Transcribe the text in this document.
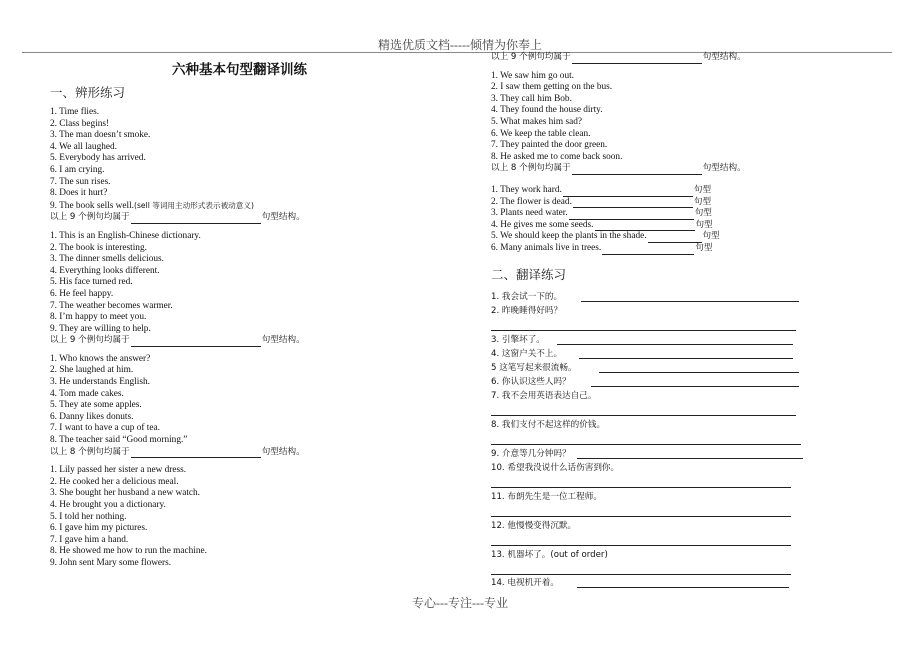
精选优质文档-----倾情为你奉上
六种基本句型翻译训练
一、辨形练习
1. Time flies.
2. Class begins!
3. The man doesn’t smoke.
4. We all laughed.
5. Everybody has arrived.
6. I am crying.
7. The sun rises.
8. Does it hurt?
9. The book sells well.(sell 等词用主动形式表示被动意义)
以上 9 个例句均属于	句型结构。
1. This is an English-Chinese dictionary.
2. The book is interesting.
3. The dinner smells delicious.
4. Everything looks different.
5. His face turned red.
6. He feel happy.
7. The weather becomes warmer.
8. I’m happy to meet you.
9. They are willing to help.
以上 9 个例句均属于	句型结构。
1. Who knows the answer?
2. She laughed at him.
3. He understands English.
4. Tom made cakes.
5. They ate some apples.
6. Danny likes donuts.
7. I want to have a cup of tea.
8. The teacher said “Good morning.”
以上 8 个例句均属于	句型结构。
1. Lily passed her sister a new dress.
2. He cooked her a delicious meal.
3. She bought her husband a new watch.
4. He brought you a dictionary.
5. I told her nothing.
6. I gave him my pictures.
7. I gave him a hand.
8. He showed me how to run the machine.
9. John sent Mary some flowers.
以上 9 个例句均属于	句型结构。
1. We saw him go out.
2. I saw them getting on the bus.
3. They call him Bob.
4. They found the house dirty.
5. What makes him sad?
6. We keep the table clean.
7. They painted the door green.
8. He asked me to come back soon.
以上 8 个例句均属于	句型结构。
1. They work hard.	句型
2. The flower is dead.	句型
3. Plants need water.	句型
4. He gives me some seeds.	句型
5. We should keep the plants in the shade.	句型
6. Many animals live in trees.	句型
二、翻译练习
1. 我会试一下的。
2. 昨晚睡得好吗？
3. 引擎坏了。
4. 这窗户关不上。
5 这笔写起来很流畅。
6. 你认识这些人吗？
7. 我不会用英语表达自己。
8. 我们支付不起这样的价钱。
9. 介意等几分钟吗？
10. 希望我没说什么话伤害到你。
11. 布朗先生是一位工程师。
12. 他慢慢变得沉默。
13. 机器坏了。(out of order)
14. 电视机开着。
专心---专注---专业
